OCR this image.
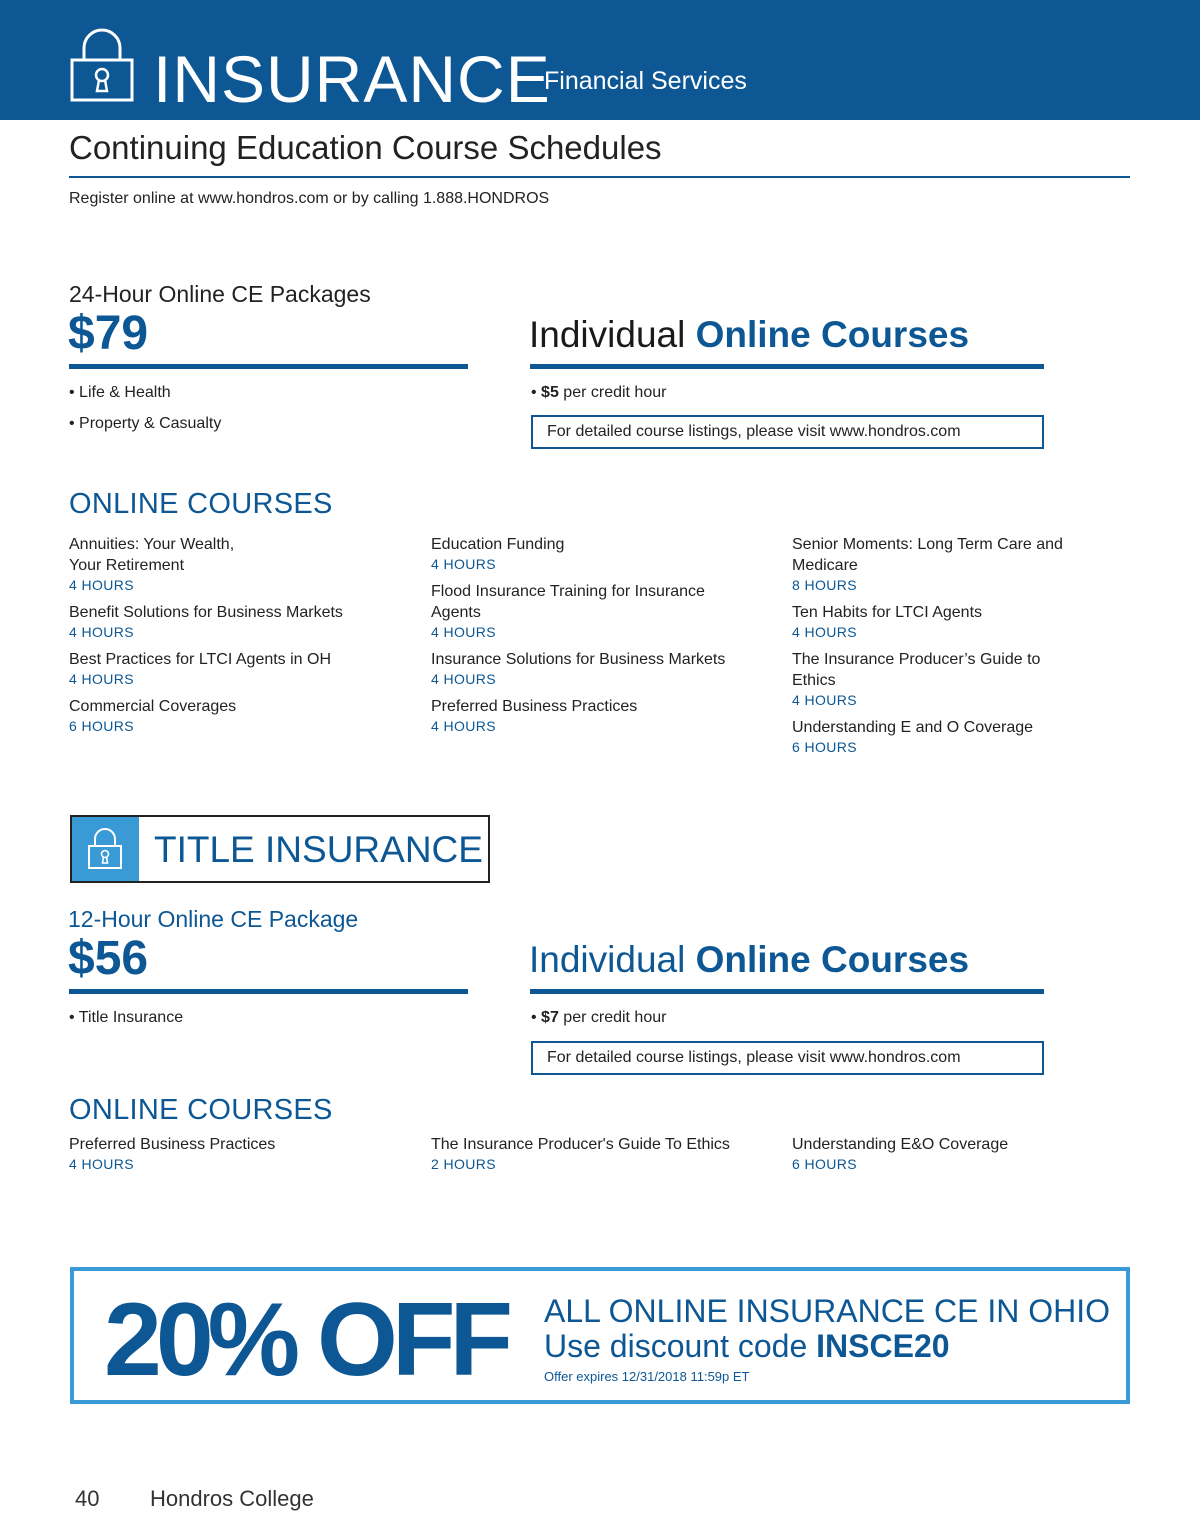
INSURANCE
Financial Services
Continuing Education Course Schedules
Register online at www.hondros.com or by calling 1.888.HONDROS
24-Hour Online CE Packages
$79
• Life & Health
• Property & Casualty
Individual Online Courses
• $5 per credit hour
For detailed course listings, please visit www.hondros.com
ONLINE COURSES
Annuities: Your Wealth, Your Retirement
4 HOURS
Benefit Solutions for Business Markets
4 HOURS
Best Practices for LTCI Agents in OH
4 HOURS
Commercial Coverages
6 HOURS
Education Funding
4 HOURS
Flood Insurance Training for Insurance Agents
4 HOURS
Insurance Solutions for Business Markets
4 HOURS
Preferred Business Practices
4 HOURS
Senior Moments: Long Term Care and Medicare
8 HOURS
Ten Habits for LTCI Agents
4 HOURS
The Insurance Producer’s Guide to Ethics
4 HOURS
Understanding E and O Coverage
6 HOURS
TITLE INSURANCE
12-Hour Online CE Package
$56
• Title Insurance
Individual Online Courses
• $7 per credit hour
For detailed course listings, please visit www.hondros.com
ONLINE COURSES
Preferred Business Practices
4 HOURS
The Insurance Producer's Guide To Ethics
2 HOURS
Understanding E&O Coverage
6 HOURS
20% OFF ALL ONLINE INSURANCE CE IN OHIO
Use discount code INSCE20
Offer expires 12/31/2018 11:59p ET
40 Hondros College
